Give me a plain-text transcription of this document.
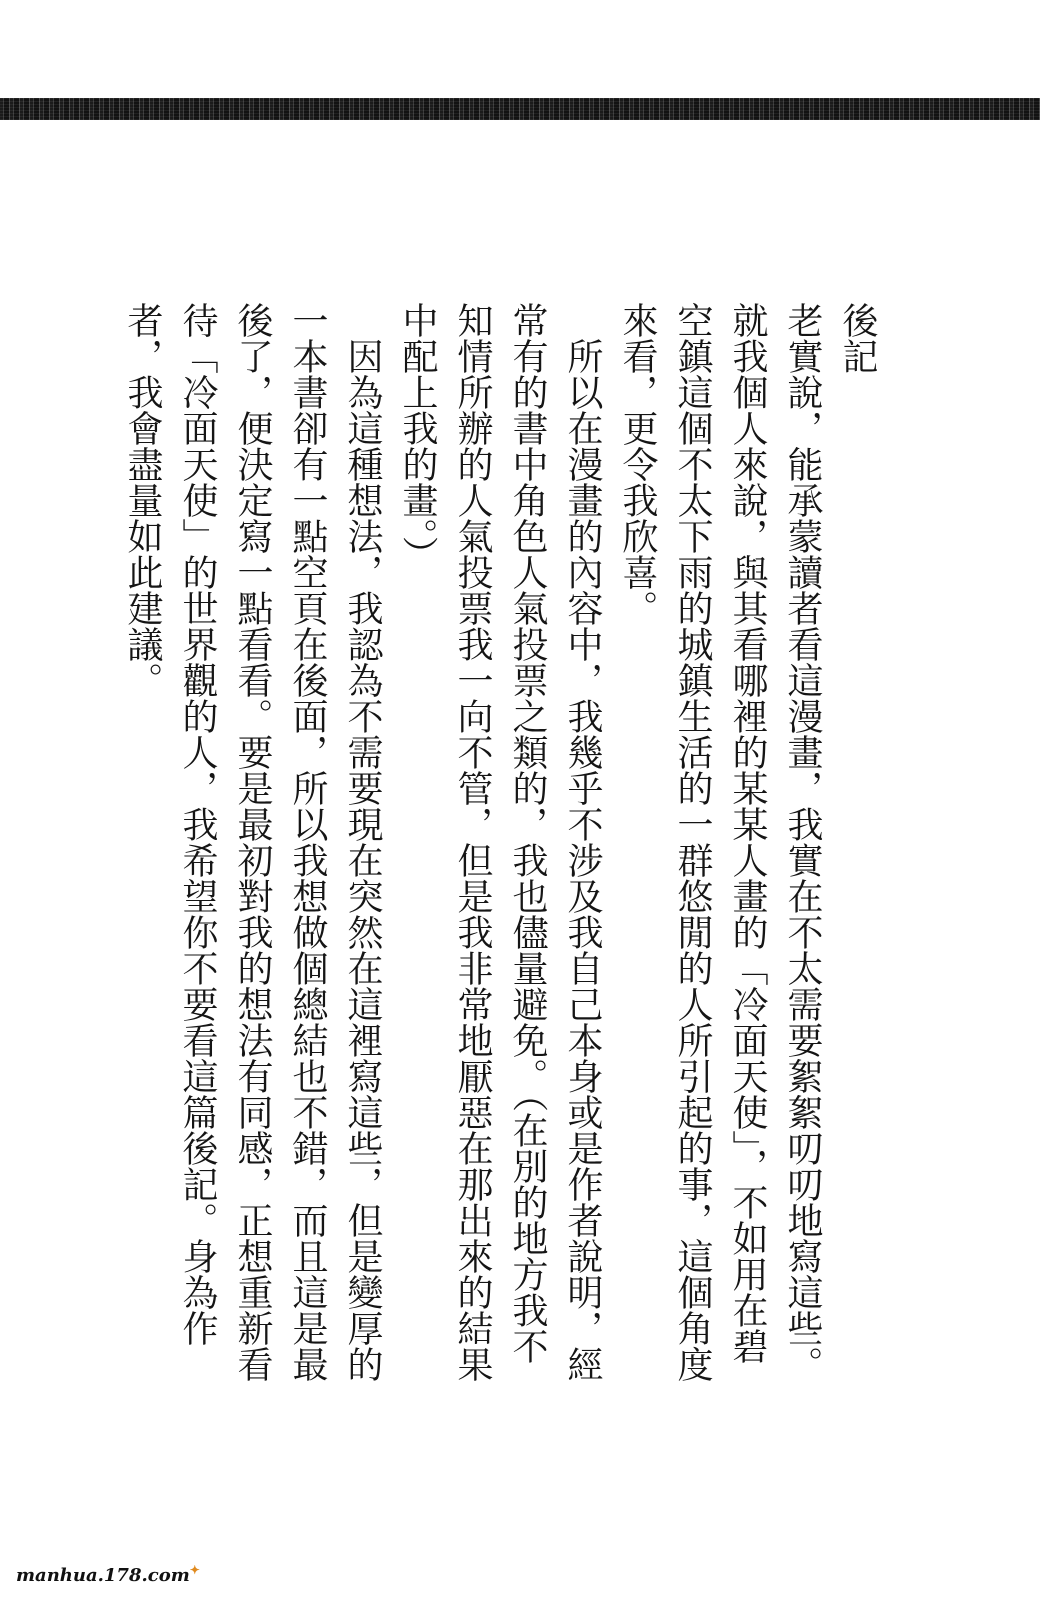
後記
老實說，能承蒙讀者看這漫畫，我實在不太需要絮絮叨叨地寫這些。就我個人來說，與其看哪裡的某某人畫的「冷面天使」，不如用在碧空鎮這個不太下雨的城鎮生活的一群悠閒的人所引起的事，這個角度來看，更令我欣喜。
所以在漫畫的內容中，我幾乎不涉及我自己本身或是作者說明，經常有的書中角色人氣投票之類的，我也儘量避免。（在別的地方我不知情所辦的人氣投票我一向不管，但是我非常地厭惡在那出來的結果中配上我的畫。）
因為這種想法，我認為不需要現在突然在這裡寫這些，但是變厚的一本書卻有一點空頁在後面，所以我想做個總結也不錯，而且這是最後了，便決定寫一點看看。要是最初對我的想法有同感，正想重新看待「冷面天使」的世界觀的人，我希望你不要看這篇後記。身為作者，我會盡量如此建議。
manhua.178.com✦
